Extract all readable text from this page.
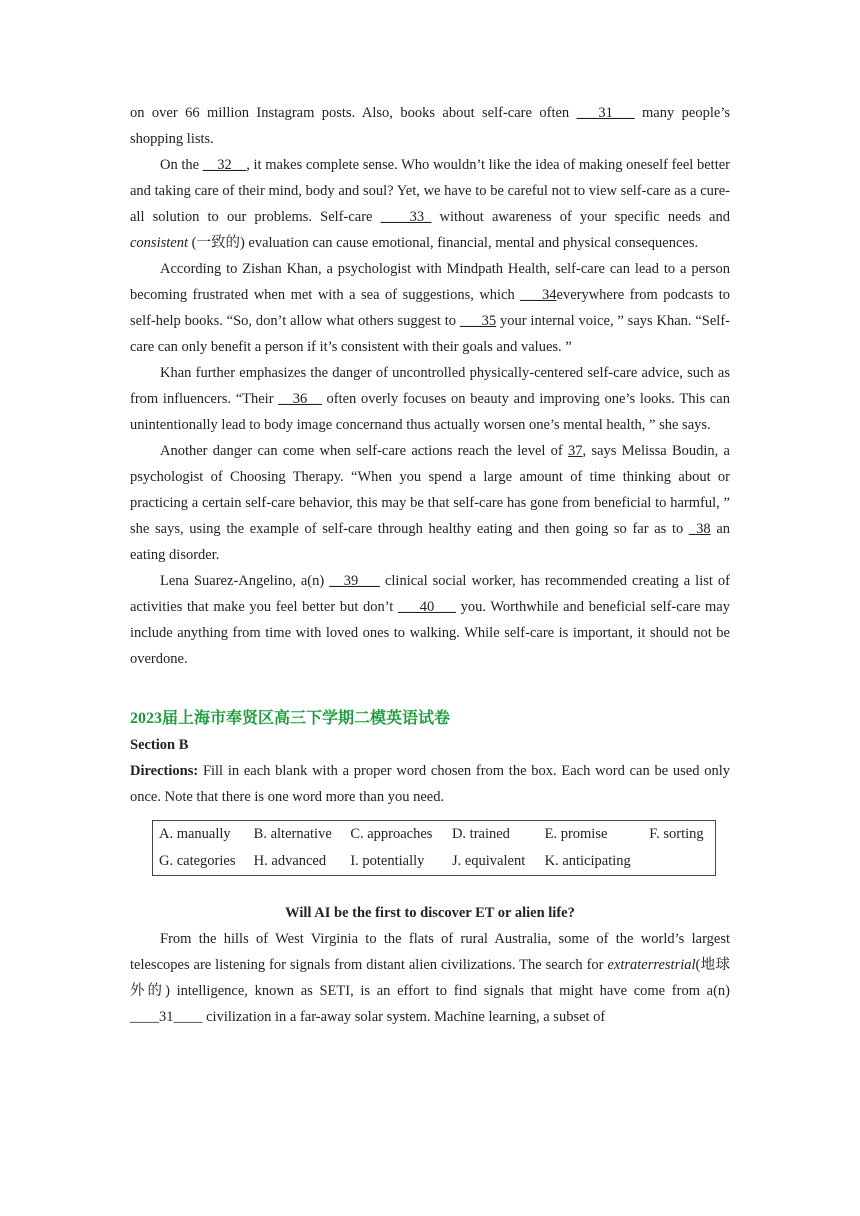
on over 66 million Instagram posts. Also, books about self-care often ___31___ many people’s shopping lists.

On the __32__, it makes complete sense. Who wouldn’t like the idea of making oneself feel better and taking care of their mind, body and soul? Yet, we have to be careful not to view self-care as a cure-all solution to our problems. Self-care ____33_ without awareness of your specific needs and consistent (一致的) evaluation can cause emotional, financial, mental and physical consequences.

According to Zishan Khan, a psychologist with Mindpath Health, self-care can lead to a person becoming frustrated when met with a sea of suggestions, which ___34everywhere from podcasts to self-help books. “So, don’t allow what others suggest to ___35 your internal voice, ” says Khan. “Self-care can only benefit a person if it’s consistent with their goals and values. ”

Khan further emphasizes the danger of uncontrolled physically-centered self-care advice, such as from influencers. “Their __36__ often overly focuses on beauty and improving one’s looks. This can unintentionally lead to body image concernand thus actually worsen one’s mental health, ” she says.

Another danger can come when self-care actions reach the level of 37, says Melissa Boudin, a psychologist of Choosing Therapy. “When you spend a large amount of time thinking about or practicing a certain self-care behavior, this may be that self-care has gone from beneficial to harmful, ” she says, using the example of self-care through healthy eating and then going so far as to _38 an eating disorder.

Lena Suarez-Angelino, a(n) __39___ clinical social worker, has recommended creating a list of activities that make you feel better but don’t ___40___ you. Worthwhile and beneficial self-care may include anything from time with loved ones to walking. While self-care is important, it should not be overdone.

2023届上海市奉贤区高三下学期二模英语试卷

Section B

Directions: Fill in each blank with a proper word chosen from the box. Each word can be used only once. Note that there is one word more than you need.

A. manually	B. alternative	C. approaches	D. trained	E. promise	F. sorting
G. categories	H. advanced	I. potentially	J. equivalent	K. anticipating

Will AI be the first to discover ET or alien life?

From the hills of West Virginia to the flats of rural Australia, some of the world’s largest telescopes are listening for signals from distant alien civilizations. The search for extraterrestrial(地球外的) intelligence, known as SETI, is an effort to find signals that might have come from a(n) ____31____ civilization in a far-away solar system. Machine learning, a subset of
